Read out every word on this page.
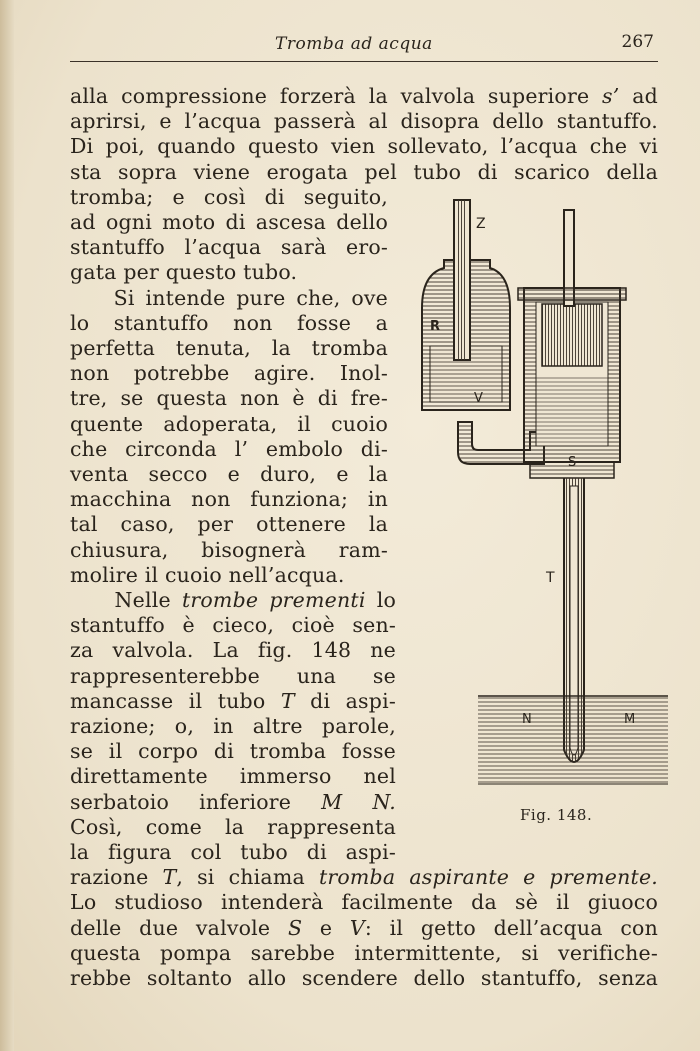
Tromba ad acqua	267
alla compressione forzerà la valvola superiore s’ ad
aprirsi, e l’acqua passerà al disopra dello stantuffo.
Di poi, quando questo vien sollevato, l’acqua che vi
sta sopra viene erogata pel tubo di scarico della
tromba; e così di seguito,
ad ogni moto di ascesa dello
stantuffo l’acqua sarà ero-
gata per questo tubo.
Si intende pure che, ove
lo stantuffo non fosse a
perfetta tenuta, la tromba
non potrebbe agire. Inol-
tre, se questa non è di fre-
quente adoperata, il cuoio
che circonda l’ embolo di-
venta secco e duro, e la
macchina non funziona; in
tal caso, per ottenere la
chiusura, bisognerà ram-
molire il cuoio nell’acqua.
Nelle trombe prementi lo
stantuffo è cieco, cioè sen-
za valvola. La fig. 148 ne
rappresenterebbe una se
mancasse il tubo T di aspi-
razione; o, in altre parole,
se il corpo di tromba fosse
direttamente immerso nel
serbatoio inferiore M N.
Così, come la rappresenta
la figura col tubo di aspi-
razione T, si chiama tromba aspirante e premente.
Lo studioso intenderà facilmente da sè il giuoco
delle due valvole S e V: il getto dell’acqua con
questa pompa sarebbe intermittente, si verifiche-
rebbe soltanto allo scendere dello stantuffo, senza
Z
R
V
S
T
N	M
Fig. 148.
